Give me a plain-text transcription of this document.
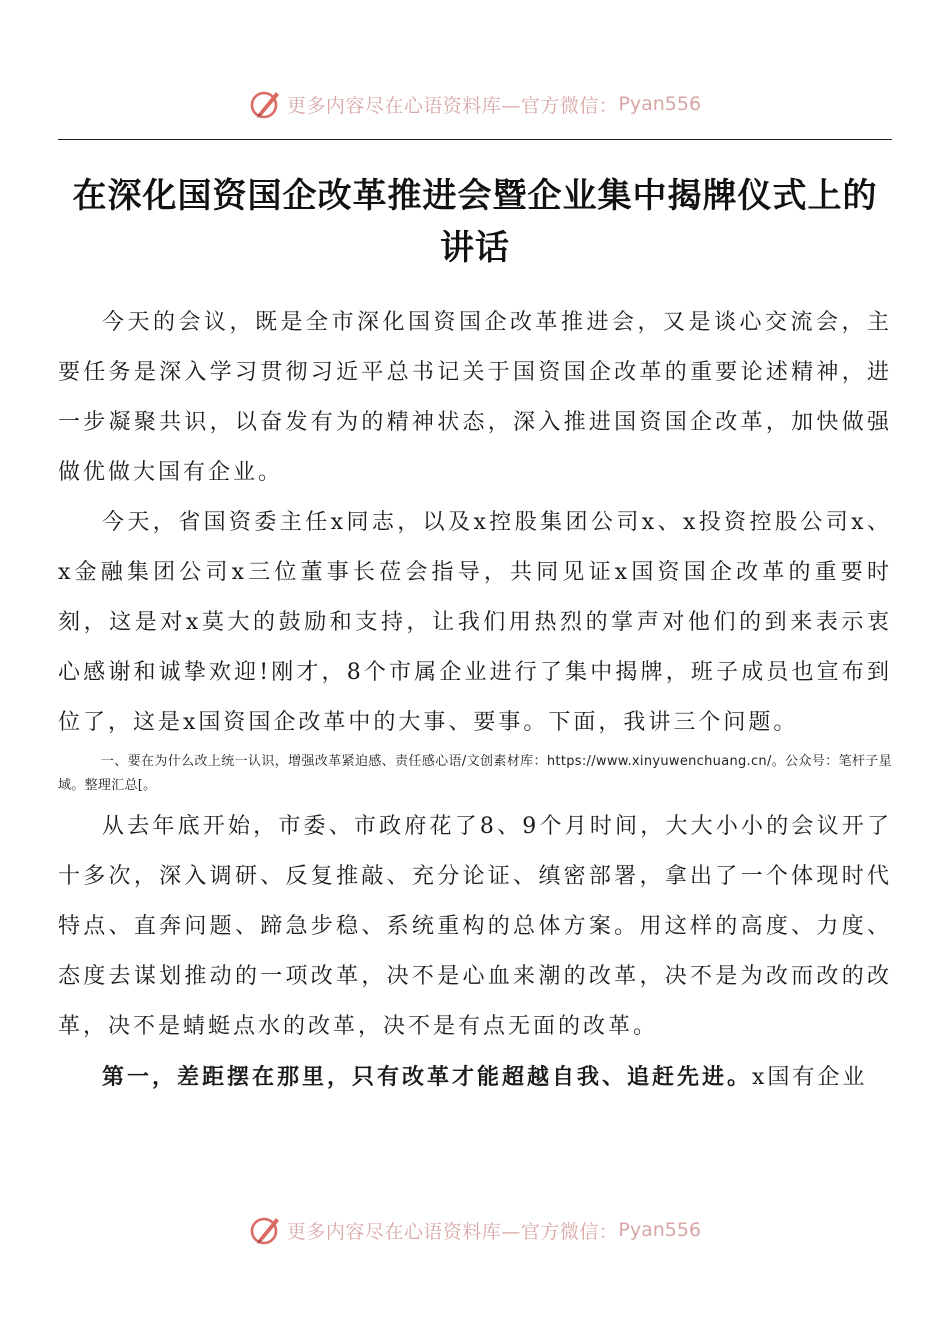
更多内容尽在心语资料库—官方微信： Pyan556
在深化国资国企改革推进会暨企业集中揭牌仪式上的
讲话

今天的会议，既是全市深化国资国企改革推进会，又是谈心交流会，主要任务是深入学习贯彻习近平总书记关于国资国企改革的重要论述精神，进一步凝聚共识，以奋发有为的精神状态，深入推进国资国企改革，加快做强做优做大国有企业。

今天，省国资委主任x同志，以及x控股集团公司x、x投资控股公司x、x金融集团公司x三位董事长莅会指导，共同见证x国资国企改革的重要时刻，这是对x莫大的鼓励和支持，让我们用热烈的掌声对他们的到来表示衷心感谢和诚挚欢迎!刚才，8个市属企业进行了集中揭牌，班子成员也宣布到位了，这是x国资国企改革中的大事、要事。下面，我讲三个问题。

一、要在为什么改上统一认识，增强改革紧迫感、责任感心语/文创素材库：https://www.xinyuwenchuang.cn/。公众号：笔杆子星域。整理汇总[。

从去年底开始，市委、市政府花了8、9个月时间，大大小小的会议开了十多次，深入调研、反复推敲、充分论证、缜密部署，拿出了一个体现时代特点、直奔问题、蹄急步稳、系统重构的总体方案。用这样的高度、力度、态度去谋划推动的一项改革，决不是心血来潮的改革，决不是为改而改的改革，决不是蜻蜓点水的改革，决不是有点无面的改革。

第一，差距摆在那里，只有改革才能超越自我、追赶先进。x国有企业

更多内容尽在心语资料库—官方微信： Pyan556
